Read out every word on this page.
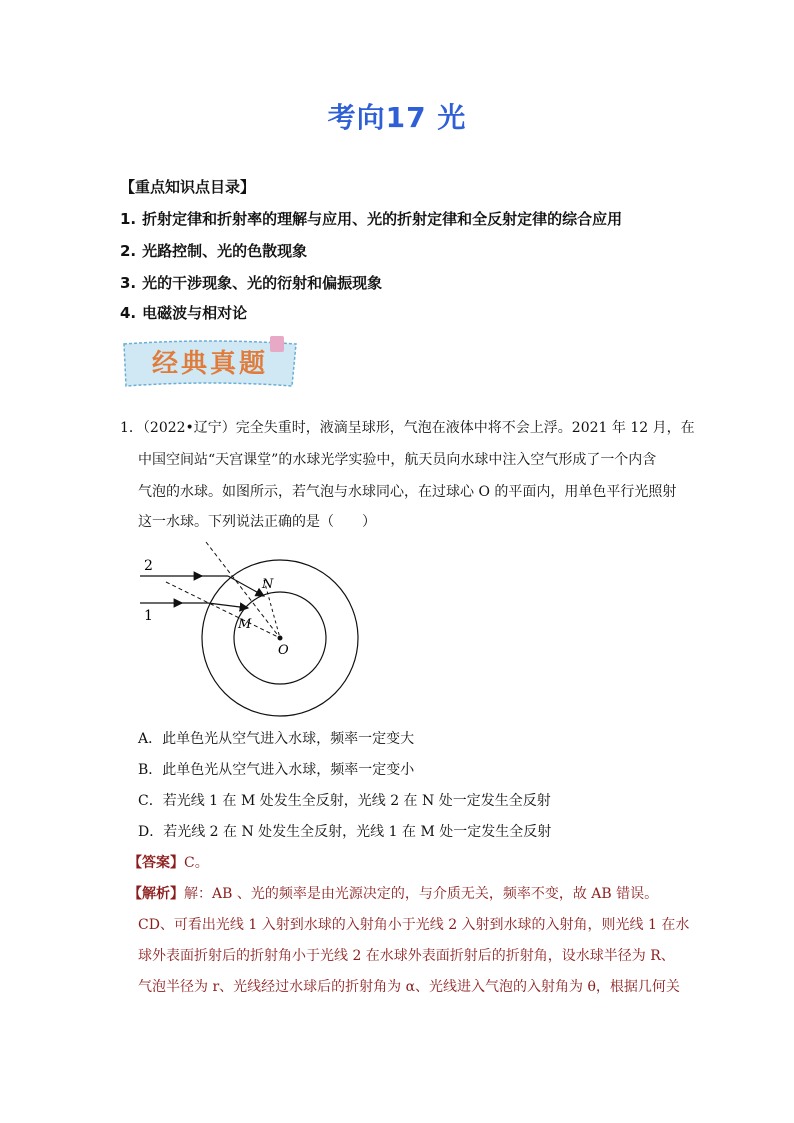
考向17 光
【重点知识点目录】
1. 折射定律和折射率的理解与应用、光的折射定律和全反射定律的综合应用
2. 光路控制、光的色散现象
3. 光的干涉现象、光的衍射和偏振现象
4. 电磁波与相对论
经典真题
1．（2022•辽宁）完全失重时，液滴呈球形，气泡在液体中将不会上浮。2021 年 12 月，在
中国空间站“天宫课堂”的水球光学实验中，航天员向水球中注入空气形成了一个内含
气泡的水球。如图所示，若气泡与水球同心，在过球心 O 的平面内，用单色平行光照射
这一水球。下列说法正确的是（　　）
2
1
N
M
O
A．此单色光从空气进入水球，频率一定变大
B．此单色光从空气进入水球，频率一定变小
C．若光线 1 在 M 处发生全反射，光线 2 在 N 处一定发生全反射
D．若光线 2 在 N 处发生全反射，光线 1 在 M 处一定发生全反射
【答案】C。
【解析】解：AB 、光的频率是由光源决定的，与介质无关，频率不变，故 AB 错误。
CD、可看出光线 1 入射到水球的入射角小于光线 2 入射到水球的入射角，则光线 1 在水
球外表面折射后的折射角小于光线 2 在水球外表面折射后的折射角，设水球半径为 R、
气泡半径为 r、光线经过水球后的折射角为 α、光线进入气泡的入射角为 θ，根据几何关
